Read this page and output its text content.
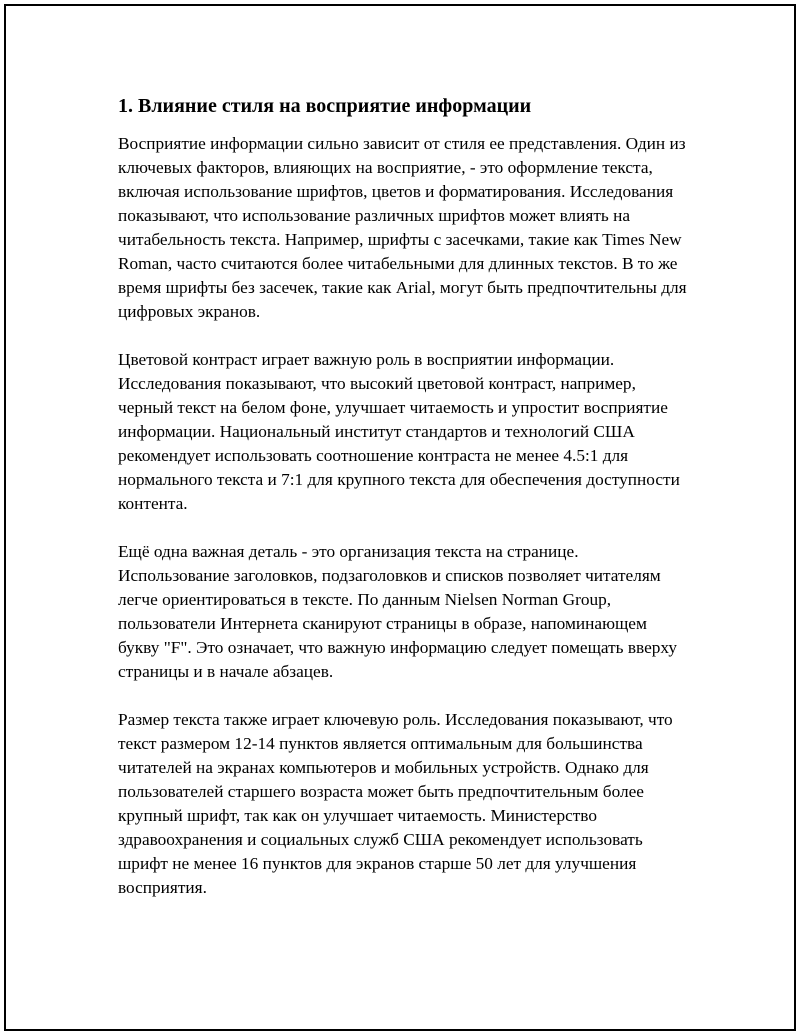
1. Влияние стиля на восприятие информации

Восприятие информации сильно зависит от стиля ее представления. Один из ключевых факторов, влияющих на восприятие, - это оформление текста, включая использование шрифтов, цветов и форматирования. Исследования показывают, что использование различных шрифтов может влиять на читабельность текста. Например, шрифты с засечками, такие как Times New Roman, часто считаются более читабельными для длинных текстов. В то же время шрифты без засечек, такие как Arial, могут быть предпочтительны для цифровых экранов.

Цветовой контраст играет важную роль в восприятии информации. Исследования показывают, что высокий цветовой контраст, например, черный текст на белом фоне, улучшает читаемость и упростит восприятие информации. Национальный институт стандартов и технологий США рекомендует использовать соотношение контраста не менее 4.5:1 для нормального текста и 7:1 для крупного текста для обеспечения доступности контента.

Ещё одна важная деталь - это организация текста на странице. Использование заголовков, подзаголовков и списков позволяет читателям легче ориентироваться в тексте. По данным Nielsen Norman Group, пользователи Интернета сканируют страницы в образе, напоминающем букву "F". Это означает, что важную информацию следует помещать вверху страницы и в начале абзацев.

Размер текста также играет ключевую роль. Исследования показывают, что текст размером 12-14 пунктов является оптимальным для большинства читателей на экранах компьютеров и мобильных устройств. Однако для пользователей старшего возраста может быть предпочтительным более крупный шрифт, так как он улучшает читаемость. Министерство здравоохранения и социальных служб США рекомендует использовать шрифт не менее 16 пунктов для экранов старше 50 лет для улучшения восприятия.
